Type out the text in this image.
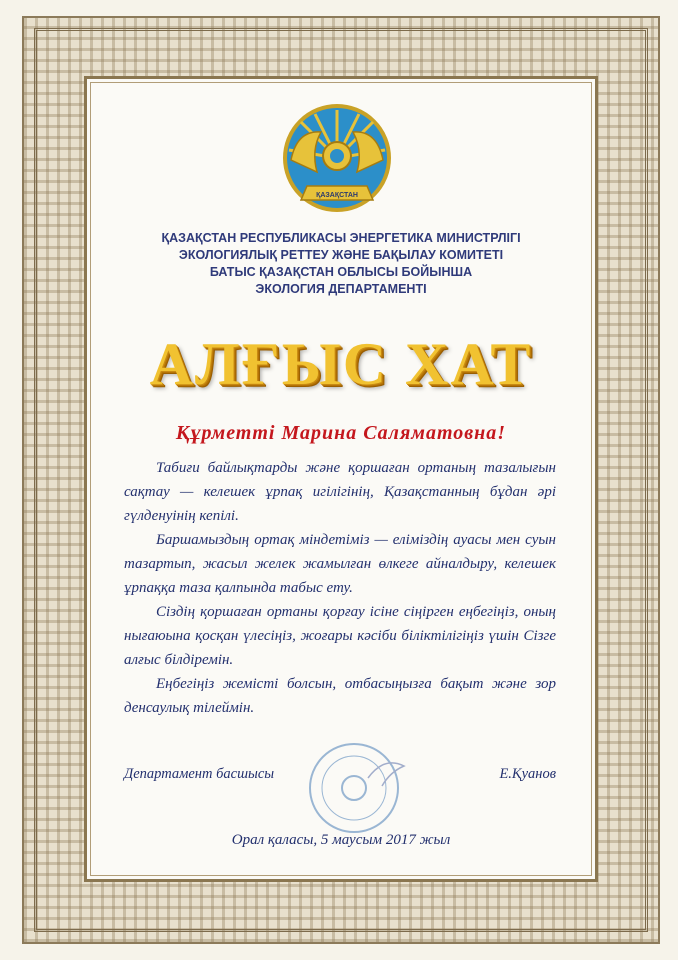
ҚАЗАҚСТАН
ҚАЗАҚСТАН РЕСПУБЛИКАСЫ ЭНЕРГЕТИКА МИНИСТРЛІГІ
ЭКОЛОГИЯЛЫҚ РЕТТЕУ ЖӘНЕ БАҚЫЛАУ КОМИТЕТІ
БАТЫС ҚАЗАҚСТАН ОБЛЫСЫ БОЙЫНША
ЭКОЛОГИЯ ДЕПАРТАМЕНТІ
АЛҒЫС ХАТ
Құрметті Марина Саляматовна!

Табиғи байлықтарды және қоршаған ортаның тазалығын сақтау — келешек ұрпақ игілігінің, Қазақстанның бұдан әрі гүлденуінің кепілі.

Баршамыздың ортақ міндетіміз — еліміздің ауасы мен суын тазартып, жасыл желек жамылған өлкеге айналдыру, келешек ұрпаққа таза қалпында табыс ету.

Сіздің қоршаған ортаны қорғау ісіне сіңірген еңбегіңіз, оның нығаюына қосқан үлесіңіз, жоғары кәсіби біліктілігіңіз үшін Сізге алғыс білдіремін.

Еңбегіңіз жемісті болсын, отбасыңызға бақыт және зор денсаулық тілеймін.

Департамент басшысы	Е.Қуанов
Орал қаласы, 5 маусым 2017 жыл
